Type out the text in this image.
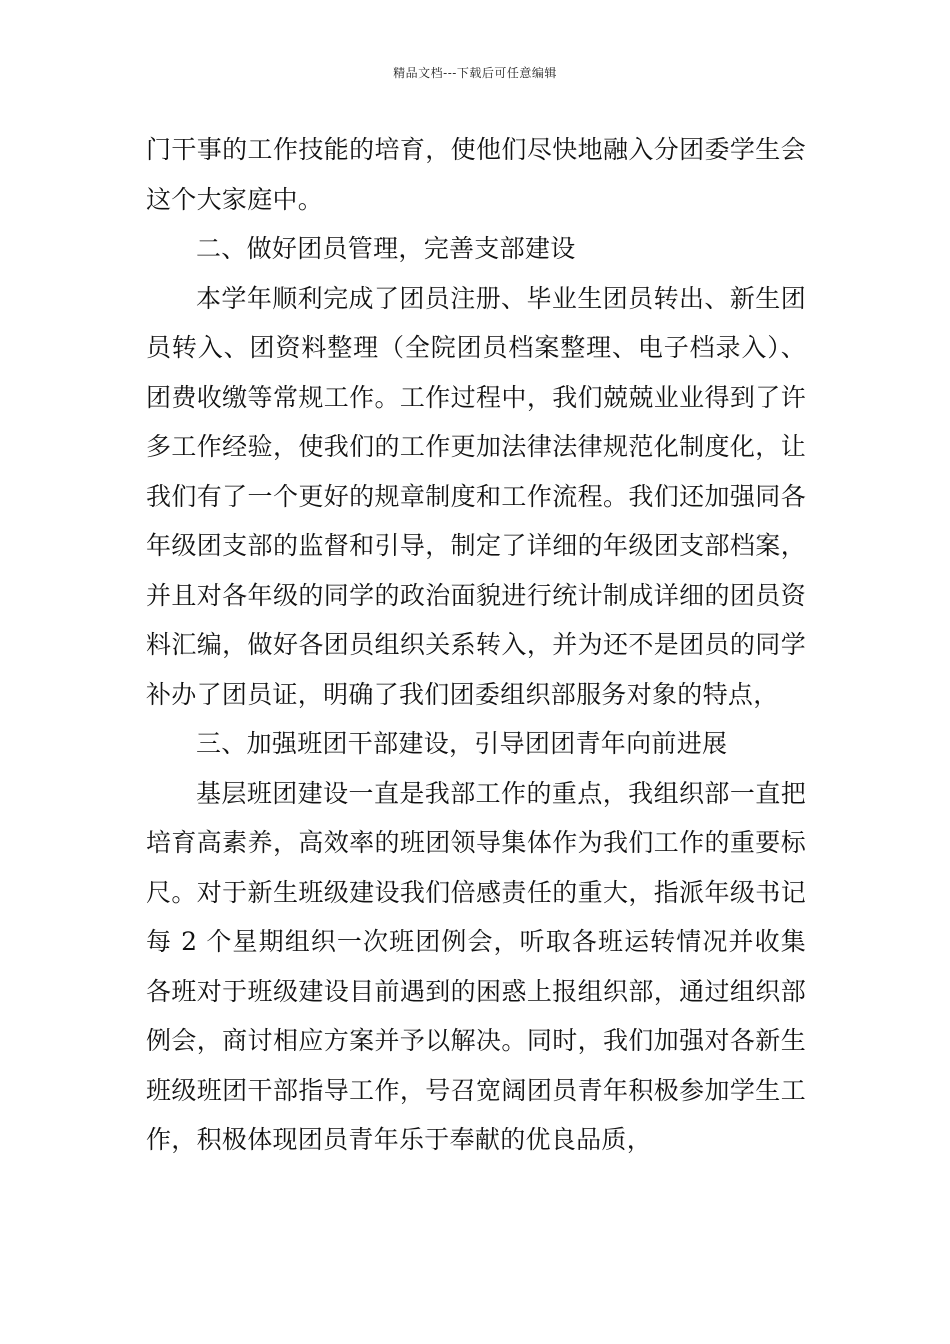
精品文档---下载后可任意编辑

门干事的工作技能的培育，使他们尽快地融入分团委学生会这个大家庭中。

二、做好团员管理，完善支部建设

本学年顺利完成了团员注册、毕业生团员转出、新生团员转入、团资料整理（全院团员档案整理、电子档录入）、团费收缴等常规工作。工作过程中，我们兢兢业业得到了许多工作经验，使我们的工作更加法律法律规范化制度化，让我们有了一个更好的规章制度和工作流程。我们还加强同各年级团支部的监督和引导，制定了详细的年级团支部档案，并且对各年级的同学的政治面貌进行统计制成详细的团员资料汇编，做好各团员组织关系转入，并为还不是团员的同学补办了团员证，明确了我们团委组织部服务对象的特点，

三、加强班团干部建设，引导团团青年向前进展

基层班团建设一直是我部工作的重点，我组织部一直把培育高素养，高效率的班团领导集体作为我们工作的重要标尺。对于新生班级建设我们倍感责任的重大，指派年级书记每 2 个星期组织一次班团例会，听取各班运转情况并收集各班对于班级建设目前遇到的困惑上报组织部，通过组织部例会，商讨相应方案并予以解决。同时，我们加强对各新生班级班团干部指导工作，号召宽阔团员青年积极参加学生工作，积极体现团员青年乐于奉献的优良品质，
